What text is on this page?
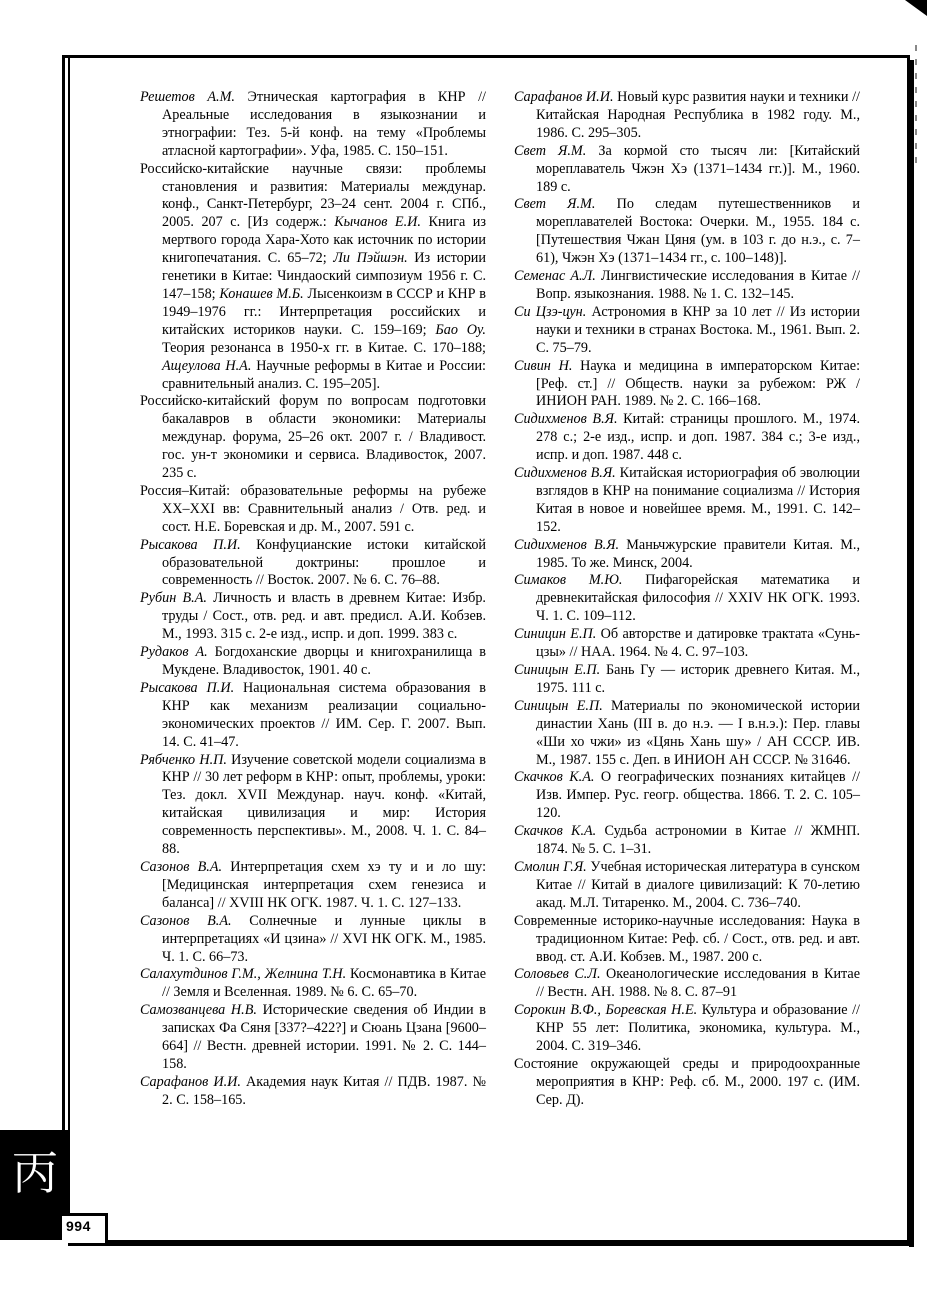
Решетов А.М. Этническая картография в КНР // Ареальные исследования в языкознании и этнографии: Тез. 5-й конф. на тему «Проблемы атласной картографии». Уфа, 1985. С. 150–151.

Российско-китайские научные связи: проблемы становления и развития: Материалы междунар. конф., Санкт-Петербург, 23–24 сент. 2004 г. СПб., 2005. 207 с. [Из содерж.: Кычанов Е.И. Книга из мертвого города Хара-Хото как источник по истории книгопечатания. С. 65–72; Ли Пэйшэн. Из истории генетики в Китае: Чиндаоский симпозиум 1956 г. С. 147–158; Конашев М.Б. Лысенкоизм в СССР и КНР в 1949–1976 гг.: Интерпретация российских и китайских историков науки. С. 159–169; Бао Оу. Теория резонанса в 1950-х гг. в Китае. С. 170–188; Ащеулова Н.А. Научные реформы в Китае и России: сравнительный анализ. С. 195–205].

Российско-китайский форум по вопросам подготовки бакалавров в области экономики: Материалы междунар. форума, 25–26 окт. 2007 г. / Владивост. гос. ун-т экономики и сервиса. Владивосток, 2007. 235 с.

Россия–Китай: образовательные реформы на рубеже XX–XXI вв: Сравнительный анализ / Отв. ред. и сост. Н.Е. Боревская и др. М., 2007. 591 с.

Рысакова П.И. Конфуцианские истоки китайской образовательной доктрины: прошлое и современность // Восток. 2007. № 6. С. 76–88.

Рубин В.А. Личность и власть в древнем Китае: Избр. труды / Сост., отв. ред. и авт. предисл. А.И. Кобзев. М., 1993. 315 с. 2-е изд., испр. и доп. 1999. 383 с.

Рудаков А. Богдоханские дворцы и книгохранилища в Мукдене. Владивосток, 1901. 40 с.

Рысакова П.И. Национальная система образования в КНР как механизм реализации социально-экономических проектов // ИМ. Сер. Г. 2007. Вып. 14. С. 41–47.

Рябченко Н.П. Изучение советской модели социализма в КНР // 30 лет реформ в КНР: опыт, проблемы, уроки: Тез. докл. XVII Междунар. науч. конф. «Китай, китайская цивилизация и мир: История современность перспективы». М., 2008. Ч. 1. С. 84–88.

Сазонов В.А. Интерпретация схем хэ ту и и ло шу: [Медицинская интерпретация схем генезиса и баланса] // XVIII НК ОГК. 1987. Ч. 1. С. 127–133.

Сазонов В.А. Солнечные и лунные циклы в интерпретациях «И цзина» // XVI НК ОГК. М., 1985. Ч. 1. С. 66–73.

Салахутдинов Г.М., Желнина Т.Н. Космонавтика в Китае // Земля и Вселенная. 1989. № 6. С. 65–70.

Самозванцева Н.В. Исторические сведения об Индии в записках Фа Сяня [337?–422?] и Сюань Цзана [9600–664] // Вестн. древней истории. 1991. № 2. С. 144–158.

Сарафанов И.И. Академия наук Китая // ПДВ. 1987. № 2. С. 158–165.

Сарафанов И.И. Новый курс развития науки и техники // Китайская Народная Республика в 1982 году. М., 1986. С. 295–305.

Свет Я.М. За кормой сто тысяч ли: [Китайский мореплаватель Чжэн Хэ (1371–1434 гг.)]. М., 1960. 189 с.

Свет Я.М. По следам путешественников и мореплавателей Востока: Очерки. М., 1955. 184 с. [Путешествия Чжан Цяня (ум. в 103 г. до н.э., с. 7–61), Чжэн Хэ (1371–1434 гг., с. 100–148)].

Семенас А.Л. Лингвистические исследования в Китае // Вопр. языкознания. 1988. № 1. С. 132–145.

Си Цзэ-цун. Астрономия в КНР за 10 лет // Из истории науки и техники в странах Востока. М., 1961. Вып. 2. С. 75–79.

Сивин Н. Наука и медицина в императорском Китае: [Реф. ст.] // Обществ. науки за рубежом: РЖ / ИНИОН РАН. 1989. № 2. С. 166–168.

Сидихменов В.Я. Китай: страницы прошлого. М., 1974. 278 с.; 2-е изд., испр. и доп. 1987. 384 с.; 3-е изд., испр. и доп. 1987. 448 с.

Сидихменов В.Я. Китайская историография об эволюции взглядов в КНР на понимание социализма // История Китая в новое и новейшее время. М., 1991. С. 142–152.

Сидихменов В.Я. Маньчжурские правители Китая. М., 1985. То же. Минск, 2004.

Симаков М.Ю. Пифагорейская математика и древнекитайская философия // XXIV НК ОГК. 1993. Ч. 1. С. 109–112.

Синицин Е.П. Об авторстве и датировке трактата «Сунь-цзы» // НАА. 1964. № 4. С. 97–103.

Синицын Е.П. Бань Гу — историк древнего Китая. М., 1975. 111 с.

Синицын Е.П. Материалы по экономической истории династии Хань (III в. до н.э. — I в.н.э.): Пер. главы «Ши хо чжи» из «Цянь Хань шу» / АН СССР. ИВ. М., 1987. 155 с. Деп. в ИНИОН АН СССР. № 31646.

Скачков К.А. О географических познаниях китайцев // Изв. Импер. Рус. геогр. общества. 1866. Т. 2. С. 105–120.

Скачков К.А. Судьба астрономии в Китае // ЖМНП. 1874. № 5. С. 1–31.

Смолин Г.Я. Учебная историческая литература в сунском Китае // Китай в диалоге цивилизаций: К 70-летию акад. М.Л. Титаренко. М., 2004. С. 736–740.

Современные историко-научные исследования: Наука в традиционном Китае: Реф. сб. / Сост., отв. ред. и авт. ввод. ст. А.И. Кобзев. М., 1987. 200 с.

Соловьев С.Л. Океанологические исследования в Китае // Вестн. АН. 1988. № 8. С. 87–91

Сорокин В.Ф., Боревская Н.Е. Культура и образование // КНР 55 лет: Политика, экономика, культура. М., 2004. С. 319–346.

Состояние окружающей среды и природоохранные мероприятия в КНР: Реф. сб. М., 2000. 197 с. (ИМ. Сер. Д).

丙
994
